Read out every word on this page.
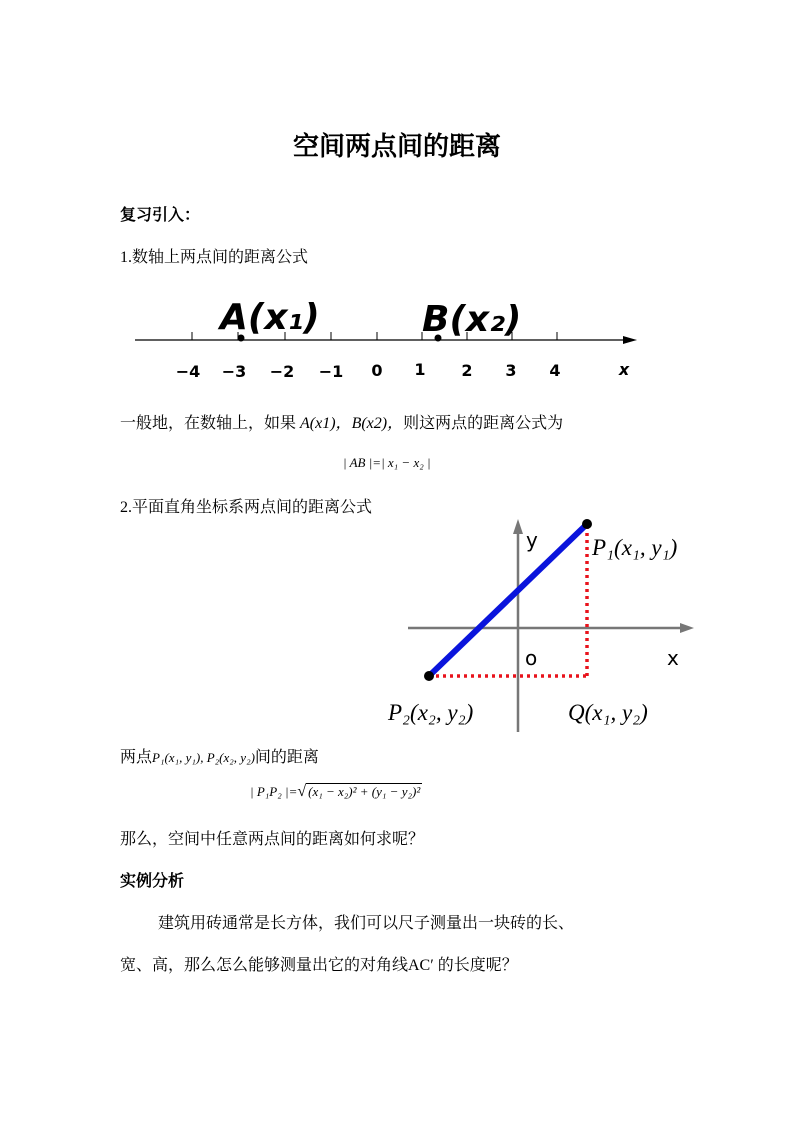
空间两点间的距离
复习引入：
1.数轴上两点间的距离公式
A(x₁)	B(x₂)
−4 −3 −2 −1 0 1 2 3 4	x
一般地，在数轴上，如果 A(x1)，B(x2)，则这两点的距离公式为
| AB |=| x₁ − x₂ |
2.平面直角坐标系两点间的距离公式
y
o	x
P₁(x₁, y₁)
P₂(x₂, y₂)	Q(x₁, y₂)
两点P₁(x₁, y₁), P₂(x₂, y₂)间的距离
| P₁P₂ |=√ (x₁ − x₂)² + (y₁ − y₂)²
那么，空间中任意两点间的距离如何求呢？
实例分析
建筑用砖通常是长方体，我们可以尺子测量出一块砖的长、
宽、高，那么怎么能够测量出它的对角线AC′ 的长度呢？
